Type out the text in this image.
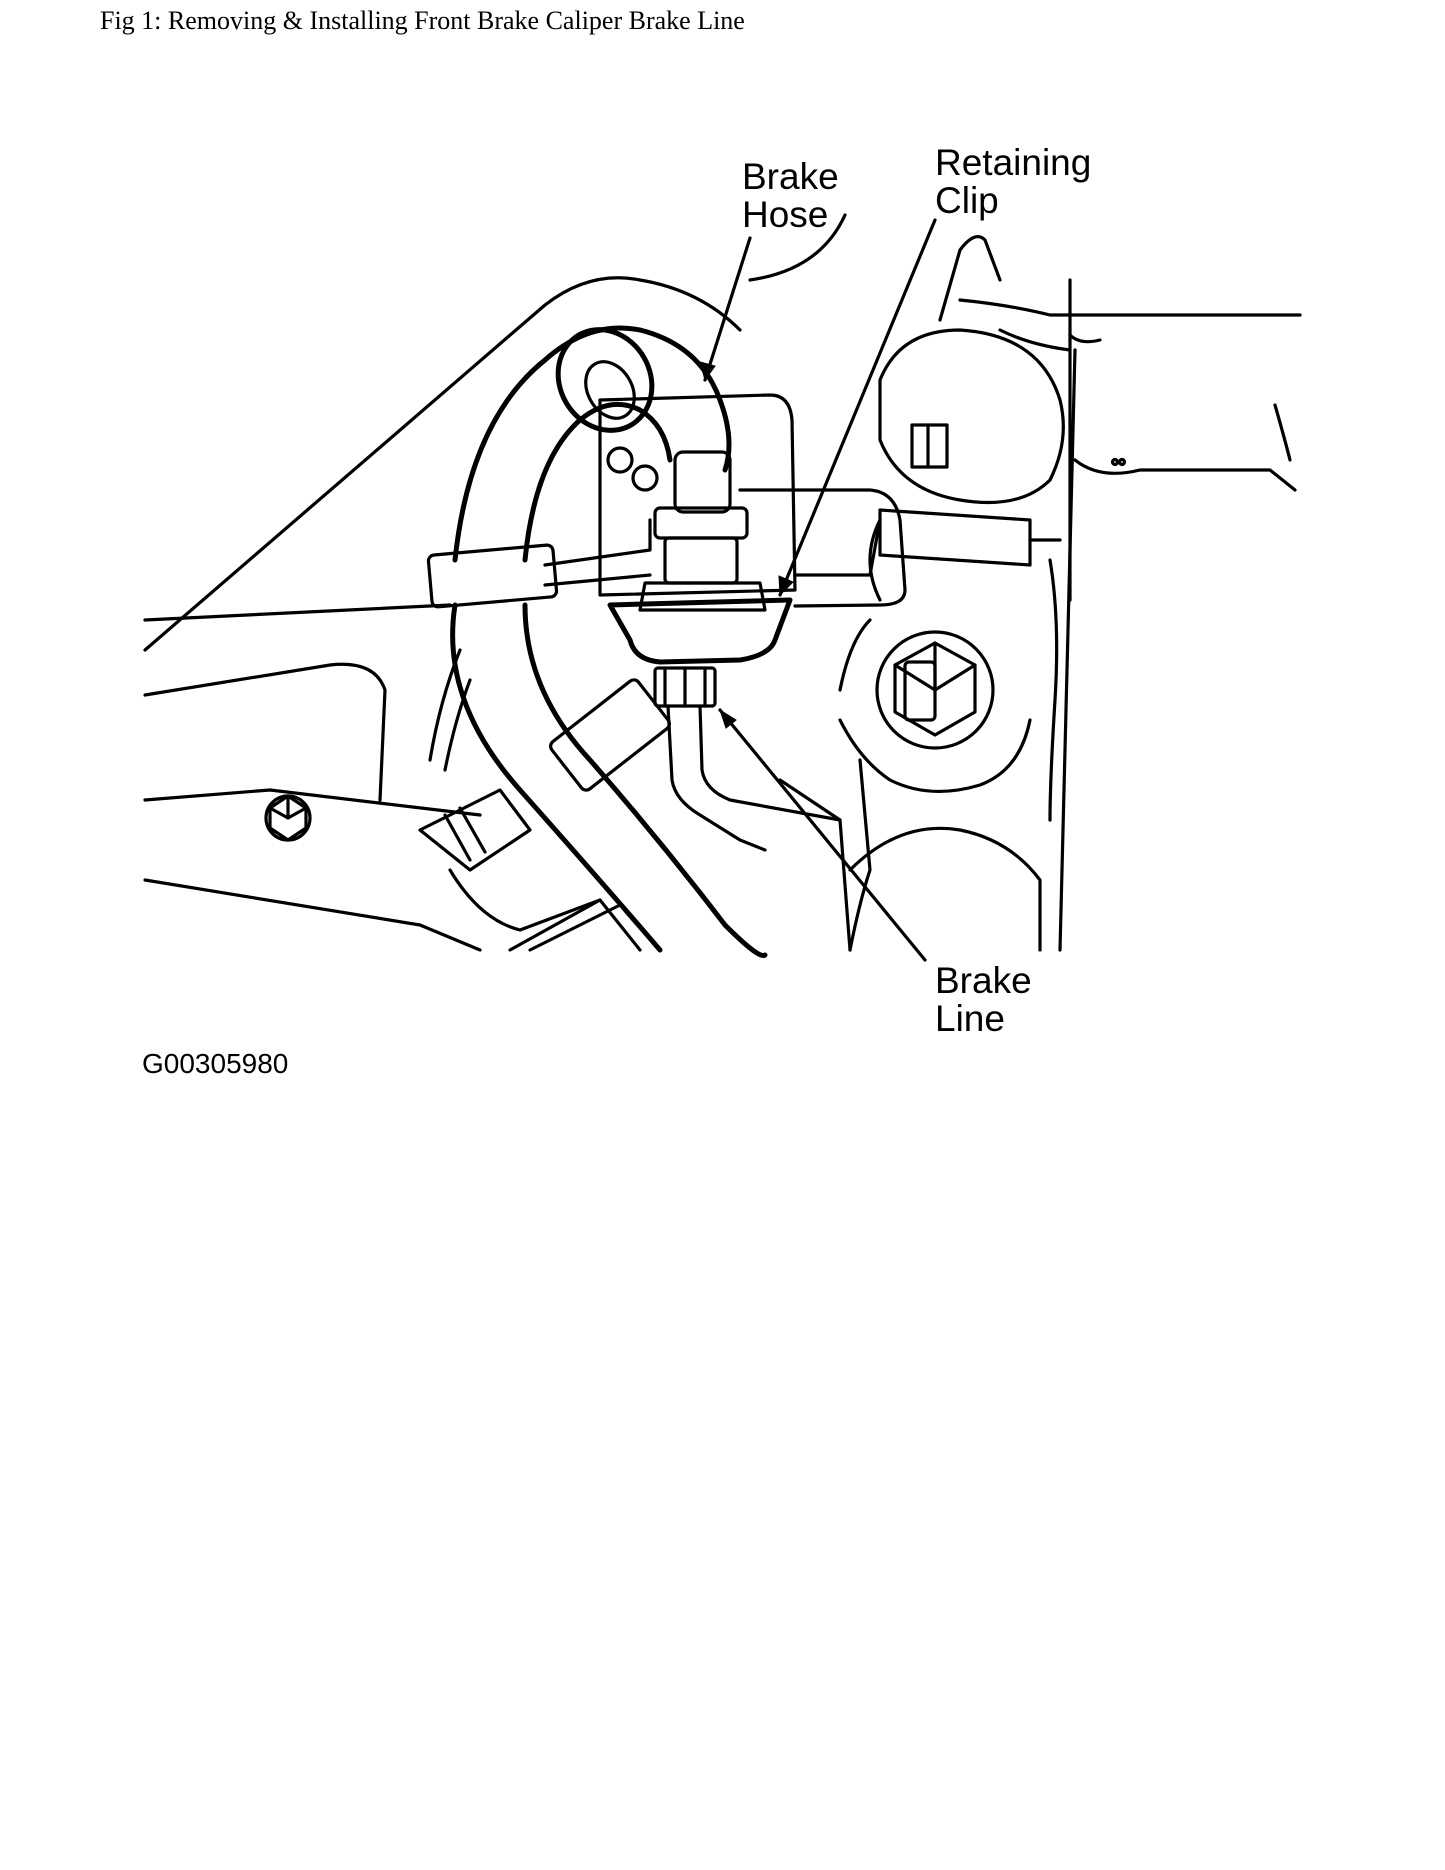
Fig 1: Removing & Installing Front Brake Caliper Brake Line
Brake
Hose
Retaining
Clip
Brake
Line
G00305980
